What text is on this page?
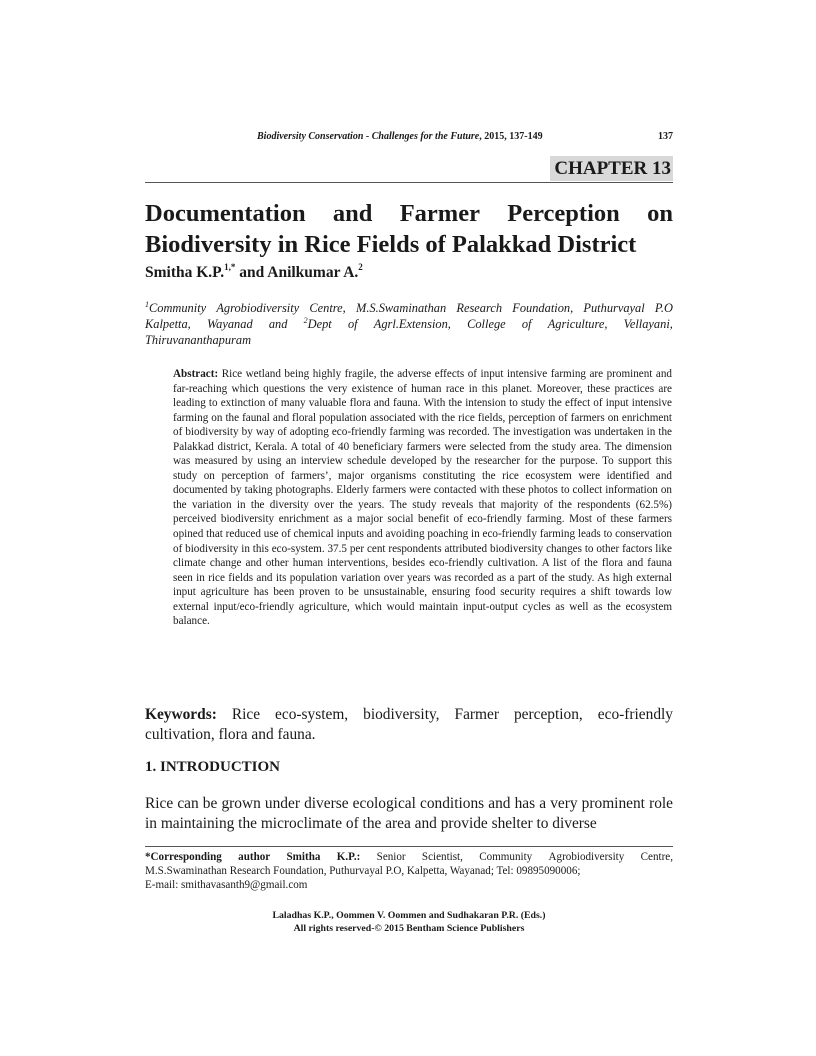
Biodiversity Conservation - Challenges for the Future, 2015, 137-149	137
CHAPTER 13
Documentation and Farmer Perception on
Biodiversity in Rice Fields of Palakkad District
Smitha K.P.$^{1,*}$ and Anilkumar A.$^2$
$^1$Community Agrobiodiversity Centre, M.S.Swaminathan Research Foundation, Puthurvayal P.O
Kalpetta, Wayanad and $^2$Dept of Agrl.Extension, College of Agriculture, Vellayani,
Thiruvananthapuram
Abstract: Rice wetland being highly fragile, the adverse effects of input intensive farming are prominent and far-reaching which questions the very existence of human race in this planet. Moreover, these practices are leading to extinction of many valuable flora and fauna. With the intension to study the effect of input intensive farming on the faunal and floral population associated with the rice fields, perception of farmers on enrichment of biodiversity by way of adopting eco-friendly farming was recorded. The investigation was undertaken in the Palakkad district, Kerala. A total of 40 beneficiary farmers were selected from the study area. The dimension was measured by using an interview schedule developed by the researcher for the purpose. To support this study on perception of farmers’, major organisms constituting the rice ecosystem were identified and documented by taking photographs. Elderly farmers were contacted with these photos to collect information on the variation in the diversity over the years. The study reveals that majority of the respondents (62.5%) perceived biodiversity enrichment as a major social benefit of eco-friendly farming. Most of these farmers opined that reduced use of chemical inputs and avoiding poaching in eco-friendly farming leads to conservation of biodiversity in this eco-system. 37.5 per cent respondents attributed biodiversity changes to other factors like climate change and other human interventions, besides eco-friendly cultivation. A list of the flora and fauna seen in rice fields and its population variation over years was recorded as a part of the study. As high external input agriculture has been proven to be unsustainable, ensuring food security requires a shift towards low external input/eco-friendly agriculture, which would maintain input-output cycles as well as the ecosystem balance.
Keywords: Rice eco-system, biodiversity, Farmer perception, eco-friendly cultivation, flora and fauna.
1. INTRODUCTION
Rice can be grown under diverse ecological conditions and has a very prominent role in maintaining the microclimate of the area and provide shelter to diverse
*Corresponding author Smitha K.P.: Senior Scientist, Community Agrobiodiversity Centre,
M.S.Swaminathan Research Foundation, Puthurvayal P.O, Kalpetta, Wayanad; Tel: 09895090006;
E-mail: smithavasanth9@gmail.com
Laladhas K.P., Oommen V. Oommen and Sudhakaran P.R. (Eds.)
All rights reserved-© 2015 Bentham Science Publishers
